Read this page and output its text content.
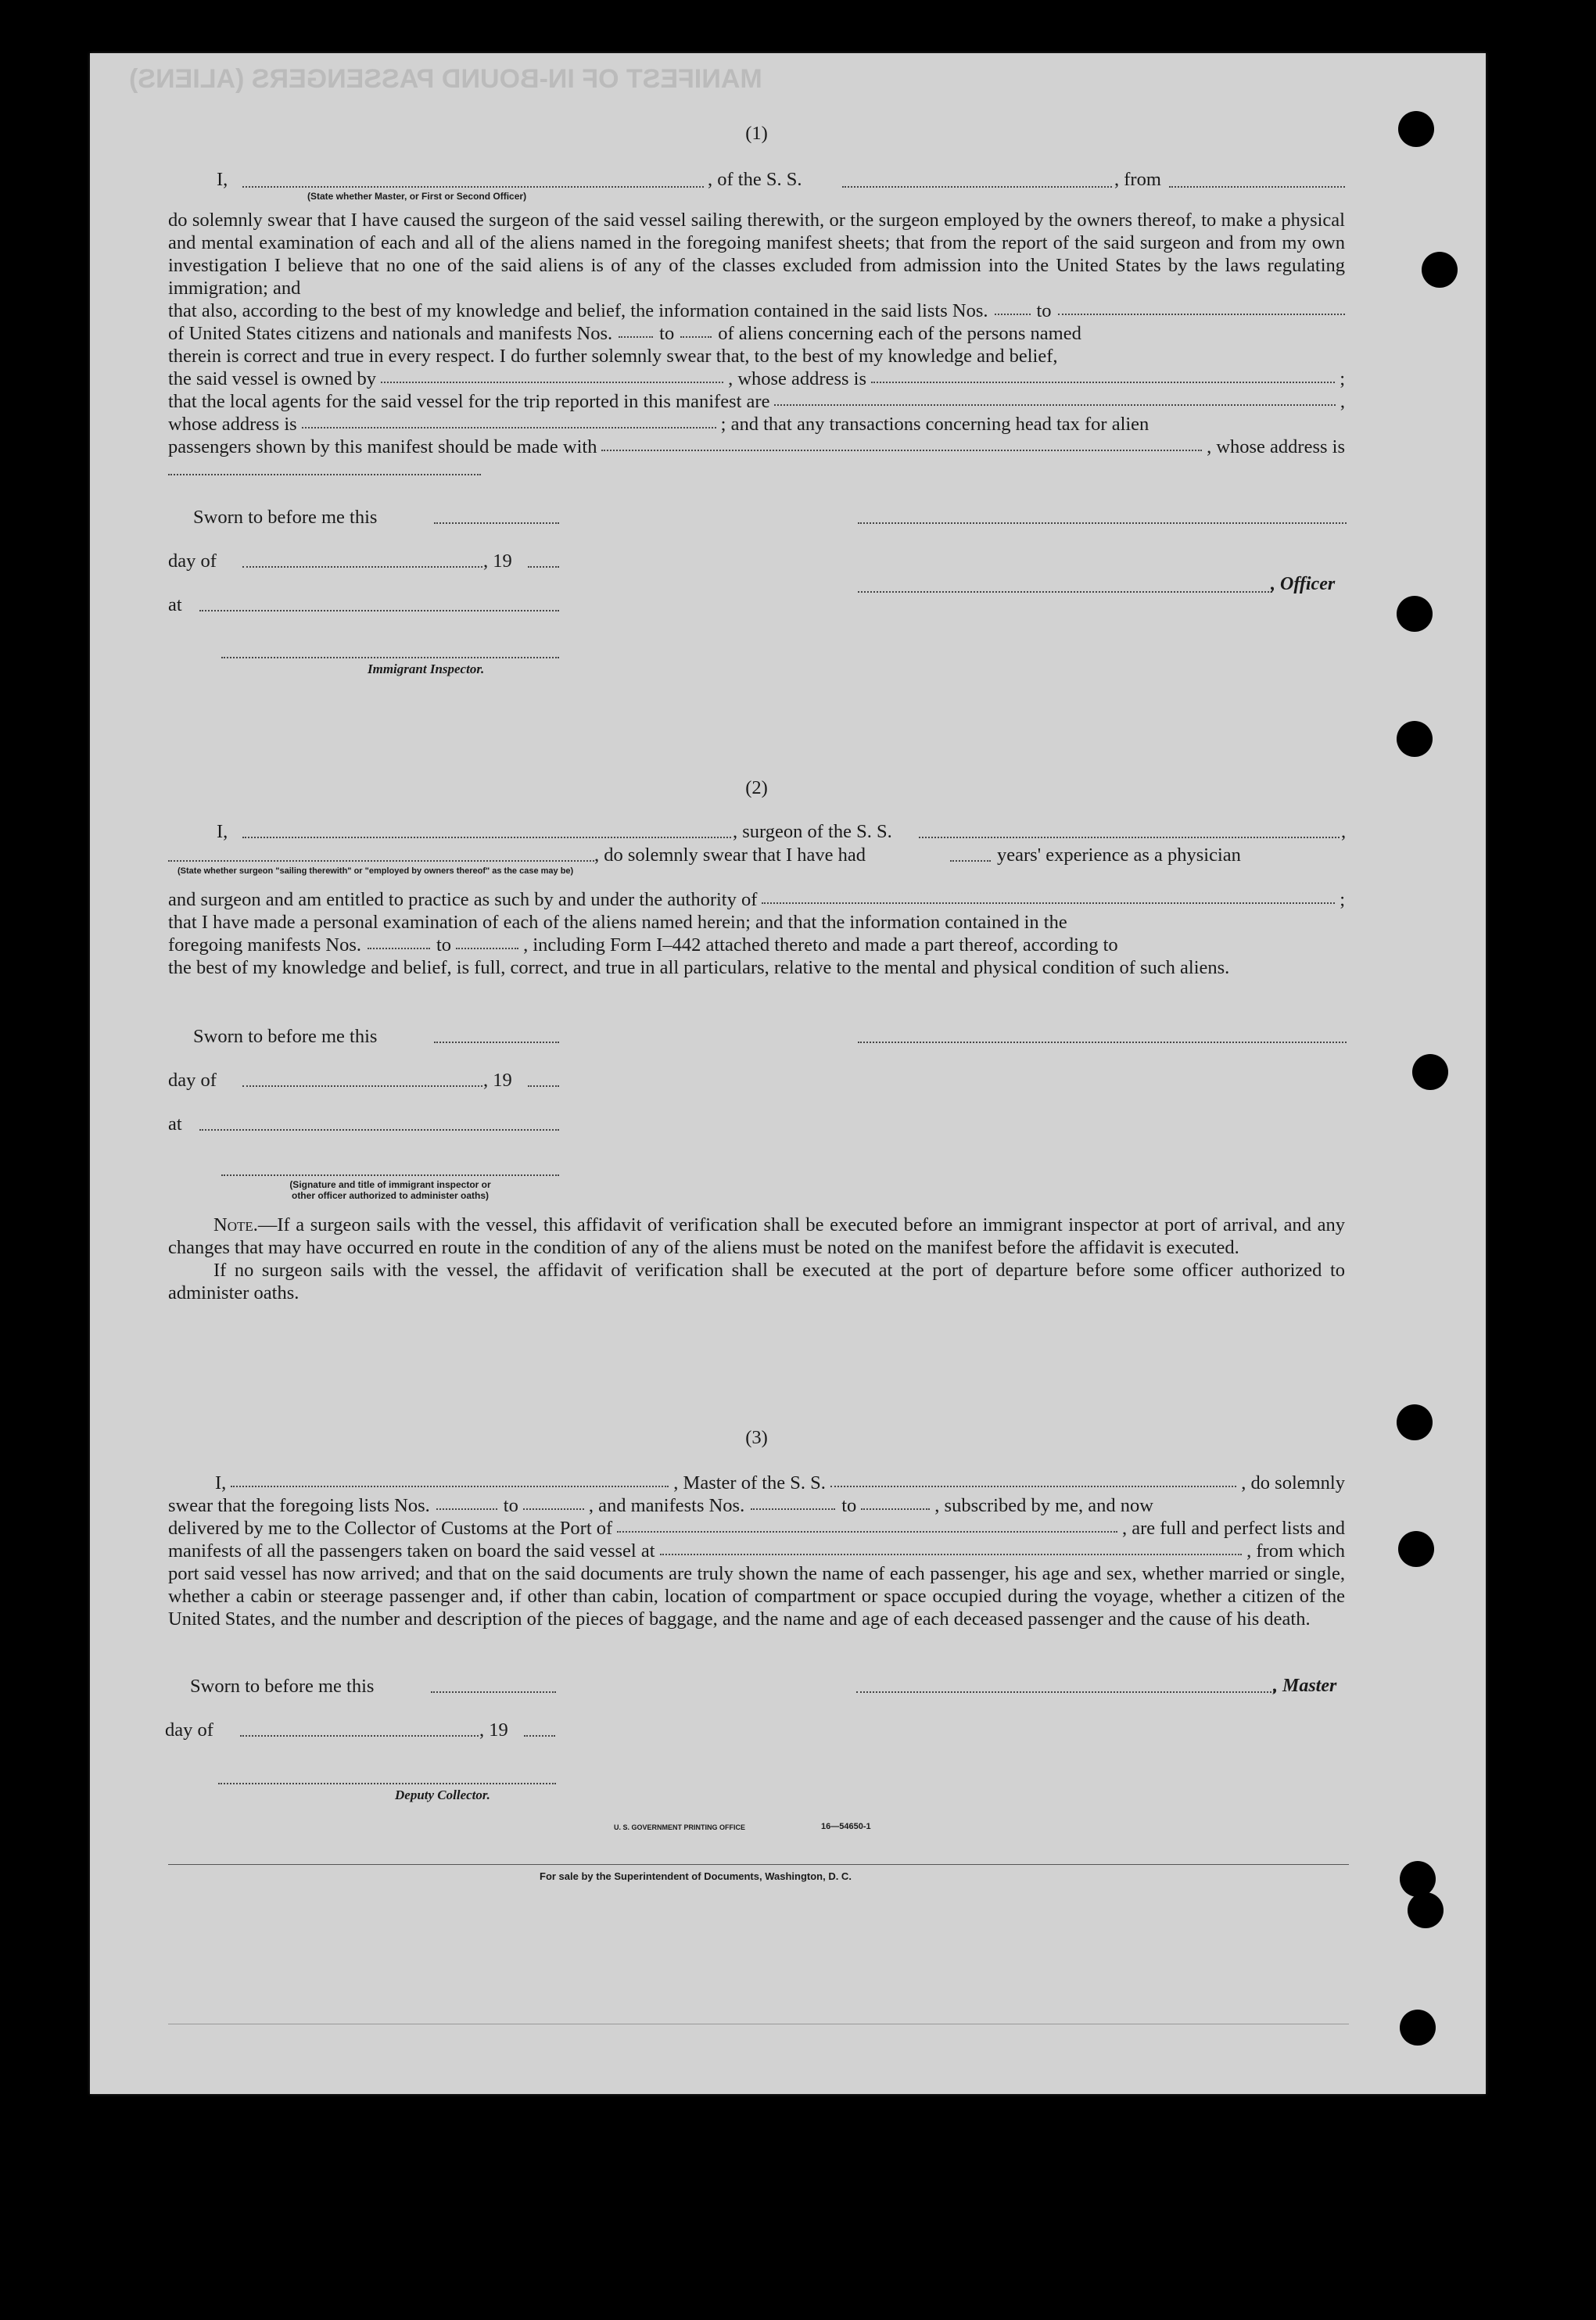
MANIFEST OF IN-BOUND PASSENGERS (ALIENS)

(1)

I,
(State whether Master, or First or Second Officer)
, of the S. S.	, from

do solemnly swear that I have caused the surgeon of the said vessel sailing therewith, or the surgeon employed by the owners thereof, to make a physical and mental examination of each and all of the aliens named in the foregoing manifest sheets; that from the report of the said surgeon and from my own investigation I believe that no one of the said aliens is of any of the classes excluded from admission into the United States by the laws regulating immigration; and

that also, according to the best of my knowledge and belief, the information contained in the said lists Nos.	to

of United States citizens and nationals and manifests Nos. to of aliens concerning each of the persons named

therein is correct and true in every respect. I do further solemnly swear that, to the best of my knowledge and belief,

the said vessel is owned by	, whose address is	;

that the local agents for the said vessel for the trip reported in this manifest are	,

whose address is	; and that any transactions concerning head tax for alien

passengers shown by this manifest should be made with	, whose address is

Sworn to before me this
day of	, 19
, Officer
at
Immigrant Inspector.

(2)

I,	, surgeon of the S. S.	,
, do solemnly swear that I have had	years' experience as a physician
(State whether surgeon "sailing therewith" or "employed by owners thereof" as the case may be)

and surgeon and am entitled to practice as such by and under the authority of	;

that I have made a personal examination of each of the aliens named herein; and that the information contained in the

foregoing manifests Nos.	to	, including Form I–442 attached thereto and made a part thereof, according to

the best of my knowledge and belief, is full, correct, and true in all particulars, relative to the mental and physical condition of such aliens.

Sworn to before me this
day of	, 19
at
(Signature and title of immigrant inspector or
other officer authorized to administer oaths)

Note.—If a surgeon sails with the vessel, this affidavit of verification shall be executed before an immigrant inspector at port of arrival, and any changes that may have occurred en route in the condition of any of the aliens must be noted on the manifest before the affidavit is executed.

If no surgeon sails with the vessel, the affidavit of verification shall be executed at the port of departure before some officer authorized to administer oaths.

(3)

I,	, Master of the S. S.	, do solemnly

swear that the foregoing lists Nos.	to	, and manifests Nos.	to	, subscribed by me, and now

delivered by me to the Collector of Customs at the Port of	, are full and perfect lists and

manifests of all the passengers taken on board the said vessel at	, from which

port said vessel has now arrived; and that on the said documents are truly shown the name of each passenger, his age and sex, whether married or single, whether a cabin or steerage passenger and, if other than cabin, location of compartment or space occupied during the voyage, whether a citizen of the United States, and the number and description of the pieces of baggage, and the name and age of each deceased passenger and the cause of his death.

Sworn to before me this	, Master
day of	, 19
Deputy Collector.
U. S. GOVERNMENT PRINTING OFFICE	16—54650-1
For sale by the Superintendent of Documents, Washington, D. C.
